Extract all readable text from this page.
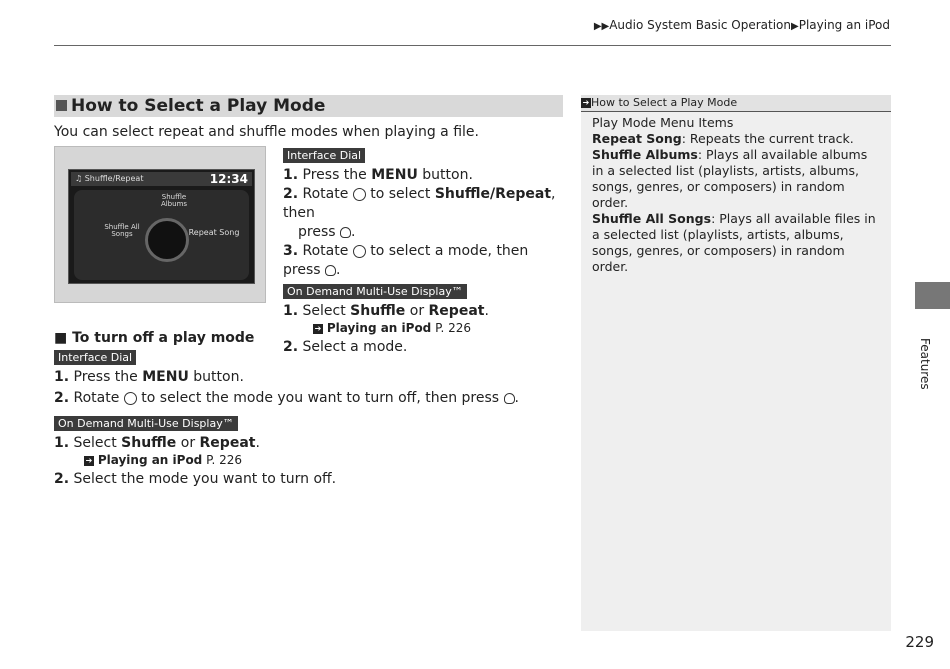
▶▶Audio System Basic Operation▶Playing an iPod
How to Select a Play Mode
You can select repeat and shuffle modes when playing a file.
♫ Shuffle/Repeat	12:34
Shuffle Albums
Shuffle All Songs	Repeat Song
Interface Dial
1. Press the MENU button.
2. Rotate  to select Shuffle/Repeat, then
press .
3. Rotate  to select a mode, then press .
On Demand Multi-Use Display™
1. Select Shuffle or Repeat.
➔ Playing an iPod P. 226
2. Select a mode.
■ To turn off a play mode
Interface Dial
1. Press the MENU button.
2. Rotate  to select the mode you want to turn off, then press .
On Demand Multi-Use Display™
1. Select Shuffle or Repeat.
➔ Playing an iPod P. 226
2. Select the mode you want to turn off.
➔ How to Select a Play Mode
Play Mode Menu Items
Repeat Song: Repeats the current track.
Shuffle Albums: Plays all available albums in a selected list (playlists, artists, albums, songs, genres, or composers) in random order.
Shuffle All Songs: Plays all available files in a selected list (playlists, artists, albums, songs, genres, or composers) in random order.
Features
229
